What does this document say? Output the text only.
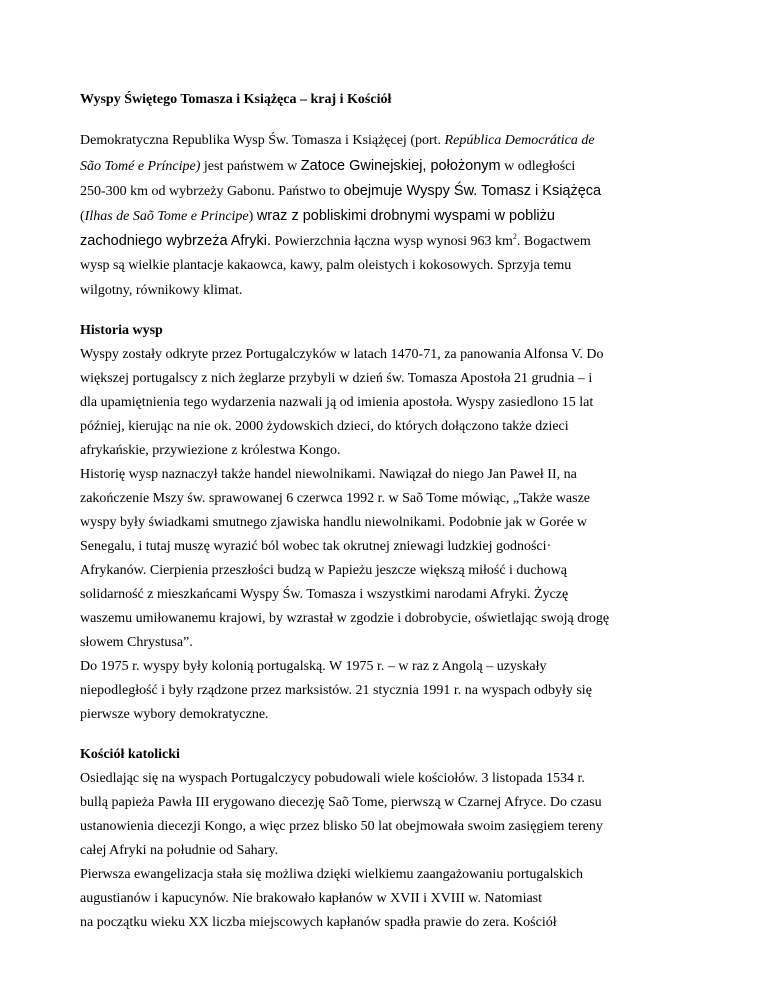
Wyspy Świętego Tomasza i Książęca – kraj i Kościół
Demokratyczna Republika Wysp Św. Tomasza i Książęcej (port. República Democrática de
São Tomé e Príncipe) jest państwem w Zatoce Gwinejskiej, położonym w odległości
250-300 km od wybrzeży Gabonu. Państwo to obejmuje Wyspy Św. Tomasz i Książęca
(Ilhas de Saõ Tome e Principe) wraz z pobliskimi drobnymi wyspami w pobliżu
zachodniego wybrzeża Afryki. Powierzchnia łączna wysp wynosi 963 $km^2$. Bogactwem
wysp są wielkie plantacje kakaowca, kawy, palm oleistych i kokosowych. Sprzyja temu
wilgotny, równikowy klimat.
Historia wysp
Wyspy zostały odkryte przez Portugalczyków w latach 1470-71, za panowania Alfonsa V. Do
większej portugalscy z nich żeglarze przybyli w dzień św. Tomasza Apostoła 21 grudnia – i
dla upamiętnienia tego wydarzenia nazwali ją od imienia apostoła. Wyspy zasiedlono 15 lat
później, kierując na nie ok. 2000 żydowskich dzieci, do których dołączono także dzieci
afrykańskie, przywiezione z królestwa Kongo.
Historię wysp naznaczył także handel niewolnikami. Nawiązał do niego Jan Paweł II, na
zakończenie Mszy św. sprawowanej 6 czerwca 1992 r. w Saõ Tome mówiąc, „Także wasze
wyspy były świadkami smutnego zjawiska handlu niewolnikami. Podobnie jak w Gorée w
Senegalu, i tutaj muszę wyrazić ból wobec tak okrutnej zniewagi ludzkiej godności·
Afrykanów. Cierpienia przeszłości budzą w Papieżu jeszcze większą miłość i duchową
solidarność z mieszkańcami Wyspy Św. Tomasza i wszystkimi narodami Afryki. Życzę
waszemu umiłowanemu krajowi, by wzrastał w zgodzie i dobrobycie, oświetlając swoją drogę
słowem Chrystusa”.
Do 1975 r. wyspy były kolonią portugalską. W 1975 r. – w raz z Angolą – uzyskały
niepodległość i były rządzone przez marksistów. 21 stycznia 1991 r. na wyspach odbyły się
pierwsze wybory demokratyczne.
Kościół katolicki
Osiedlając się na wyspach Portugalczycy pobudowali wiele kościołów. 3 listopada 1534 r.
bullą papieża Pawła III erygowano diecezję Saõ Tome, pierwszą w Czarnej Afryce. Do czasu
ustanowienia diecezji Kongo, a więc przez blisko 50 lat obejmowała swoim zasięgiem tereny
całej Afryki na południe od Sahary.
Pierwsza ewangelizacja stała się możliwa dzięki wielkiemu zaangażowaniu portugalskich
augustianów i kapucynów. Nie brakowało kapłanów w XVII i XVIII w. Natomiast
na początku wieku XX liczba miejscowych kapłanów spadła prawie do zera. Kościół
